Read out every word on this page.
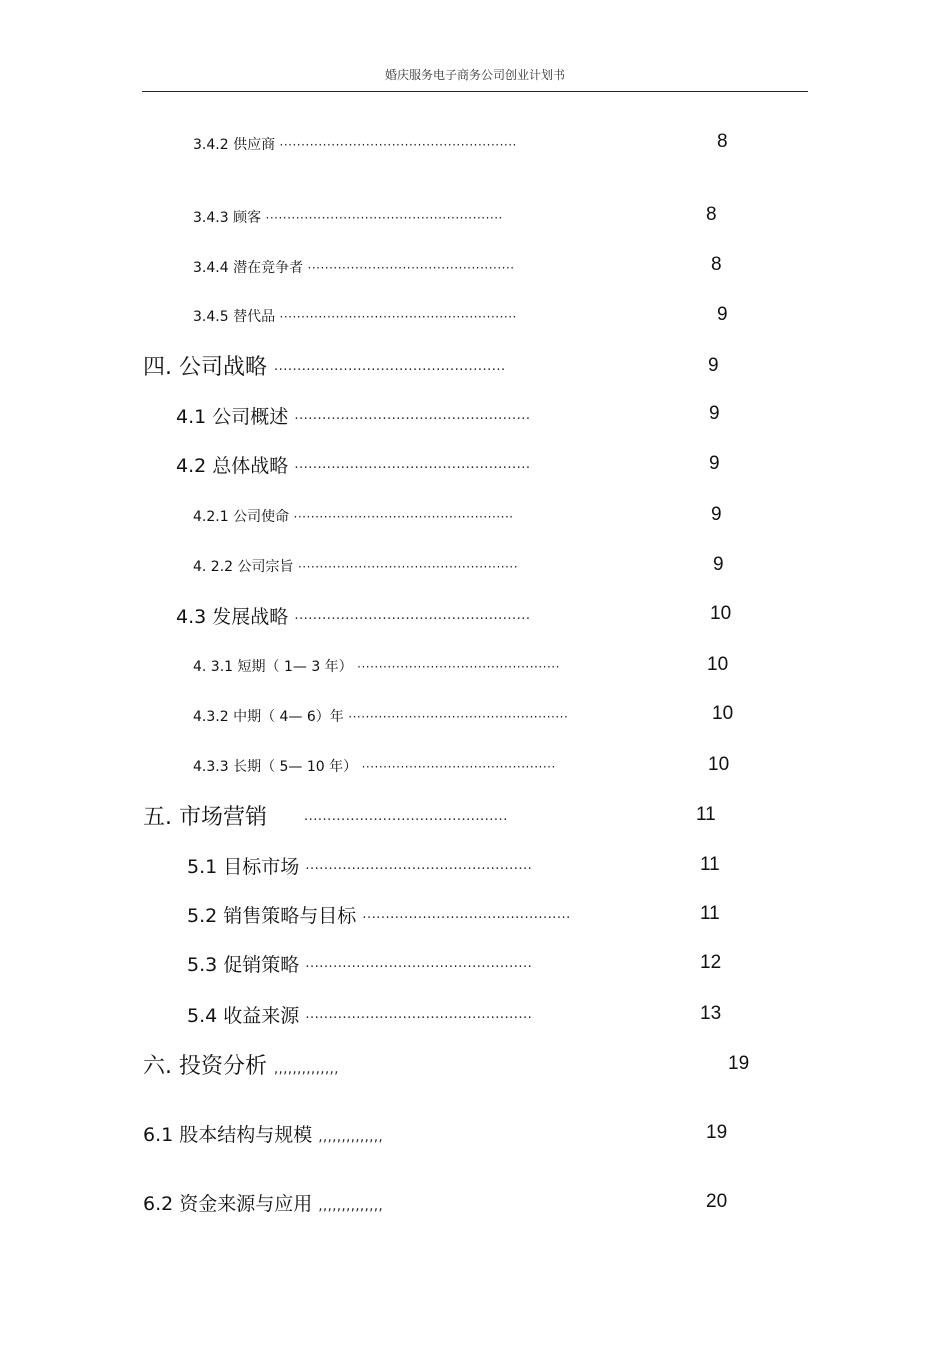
婚庆服务电子商务公司创业计划书
3.4.2 供应商 ·······················································	8
3.4.3 顾客 ·······················································	8
3.4.4 潜在竞争者 ················································	8
3.4.5 替代品 ·······················································	9
四. 公司战略 ··················································	9
4.1 公司概述 ···················································	9
4.2 总体战略 ···················································	9
4.2.1 公司使命 ···················································	9
4. 2.2 公司宗旨 ···················································	9
4.3 发展战略 ···················································	10
4. 3.1 短期（ 1— 3 年） ···············································	10
4.3.2 中期（ 4— 6）年 ···················································	10
4.3.3 长期（ 5— 10 年） ·············································	10
五. 市场营销	············································	11
5.1 目标市场 ·················································	11
5.2 销售策略与目标 ·············································	11
5.3 促销策略 ·················································	12
5.4 收益来源 ·················································	13
六. 投资分析 ,,,,,,,,,,,,,,	19
6.1 股本结构与规模 ,,,,,,,,,,,,,,	19
6.2 资金来源与应用 ,,,,,,,,,,,,,,	20
